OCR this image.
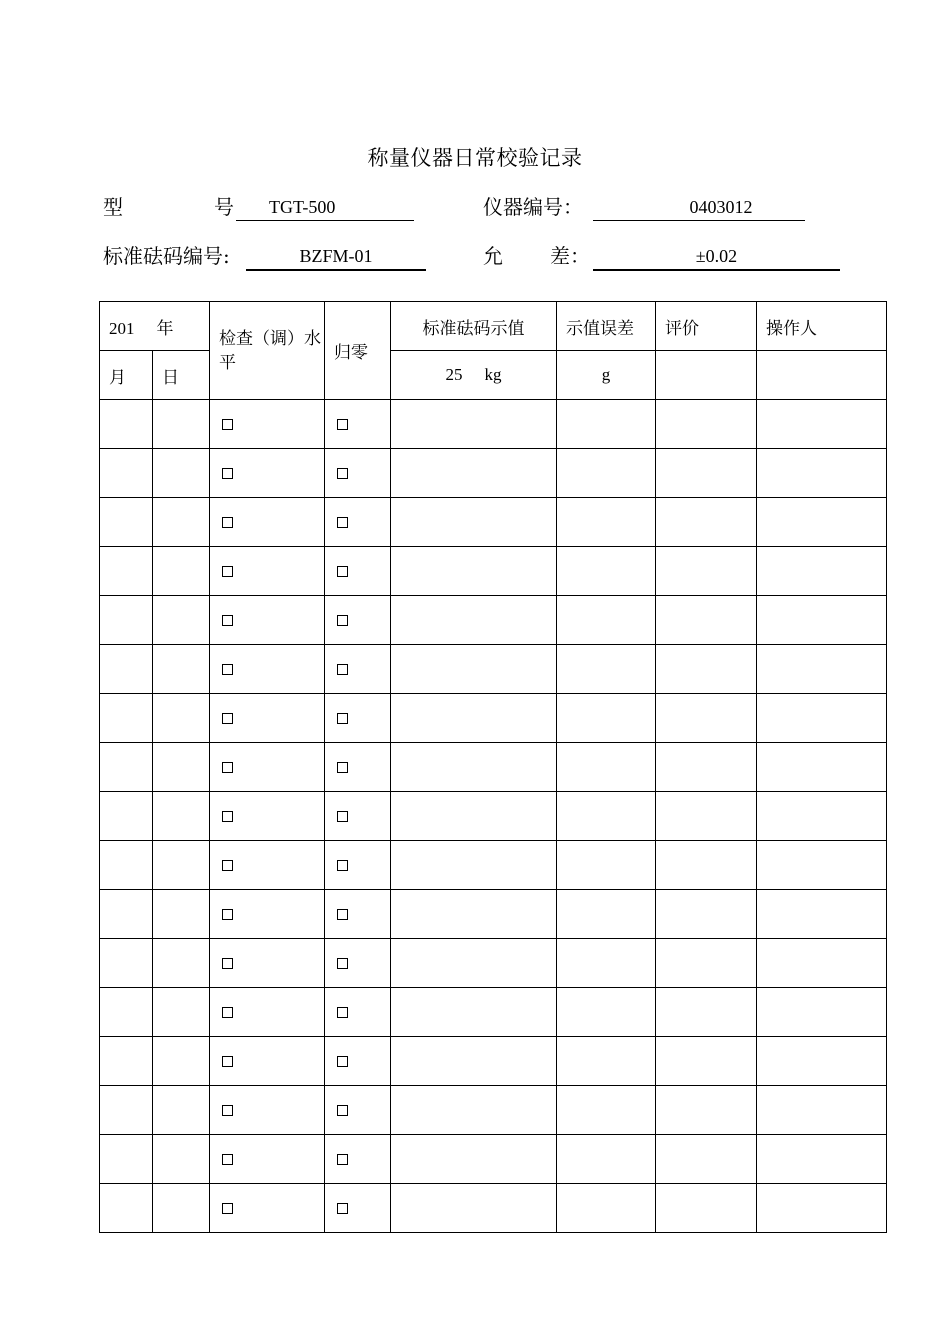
称量仪器日常校验记录
型	号	TGT-500	仪器编号：	0403012
标准砝码编号:	BZFM-01	允 差：	±0.02
201 年		检查（调）水平	归零	标准砝码示值	示值误差	评价	操作人
月	日			25 kg	g		
